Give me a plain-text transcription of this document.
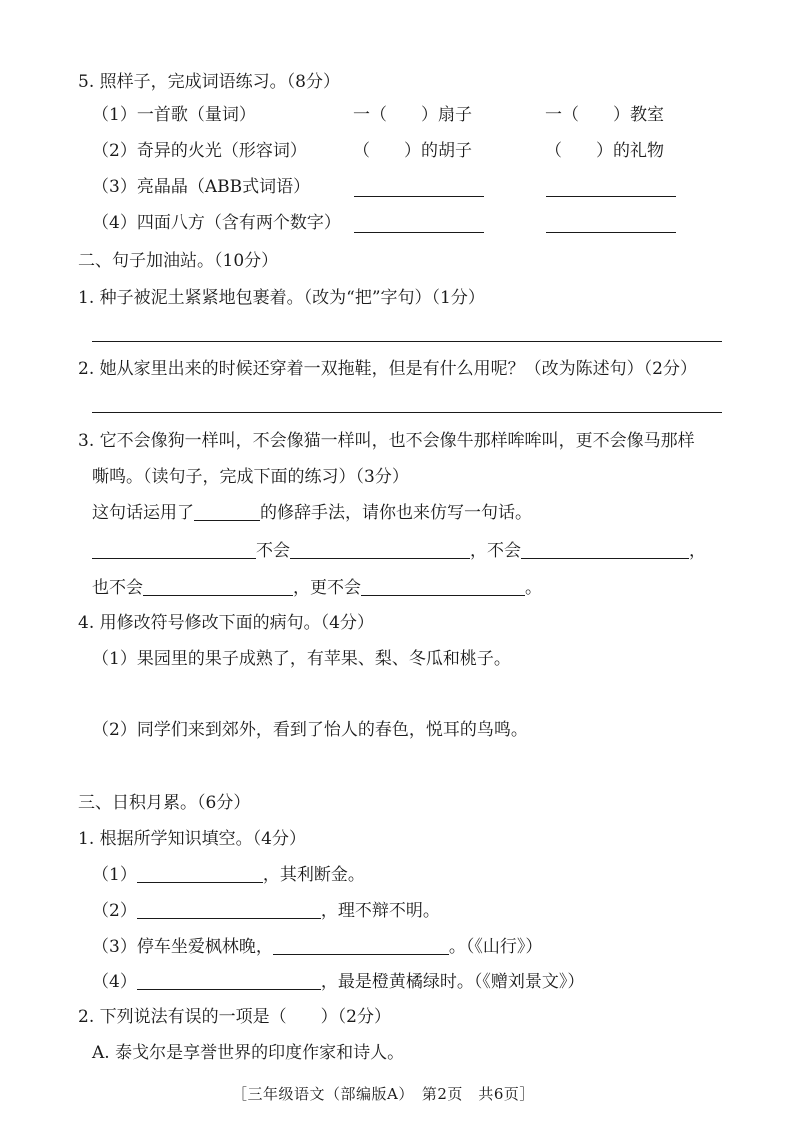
5. 照样子，完成词语练习。（8分）
（1）一首歌（量词）	一（　　）扇子	一（　　）教室
（2）奇异的火光（形容词）	（　　）的胡子	（　　）的礼物
（3）亮晶晶（ABB式词语）
（4）四面八方（含有两个数字）
二、句子加油站。（10分）
1. 种子被泥土紧紧地包裹着。（改为“把”字句）（1分）
2. 她从家里出来的时候还穿着一双拖鞋，但是有什么用呢？（改为陈述句）（2分）
3. 它不会像狗一样叫，不会像猫一样叫，也不会像牛那样哞哞叫，更不会像马那样
嘶鸣。（读句子，完成下面的练习）（3分）
这句话运用了	的修辞手法，请你也来仿写一句话。
不会	，不会	，
也不会	，更不会	。
4. 用修改符号修改下面的病句。（4分）
（1）果园里的果子成熟了，有苹果、梨、冬瓜和桃子。
（2）同学们来到郊外，看到了怡人的春色，悦耳的鸟鸣。
三、日积月累。（6分）
1. 根据所学知识填空。（4分）
（1）	，其利断金。
（2）	，理不辩不明。
（3）停车坐爱枫林晚，	。（《山行》）
（4）	，最是橙黄橘绿时。（《赠刘景文》）
2. 下列说法有误的一项是（　　）（2分）
A. 泰戈尔是享誉世界的印度作家和诗人。
［三年级语文（部编版A）　第2页　共6页］
